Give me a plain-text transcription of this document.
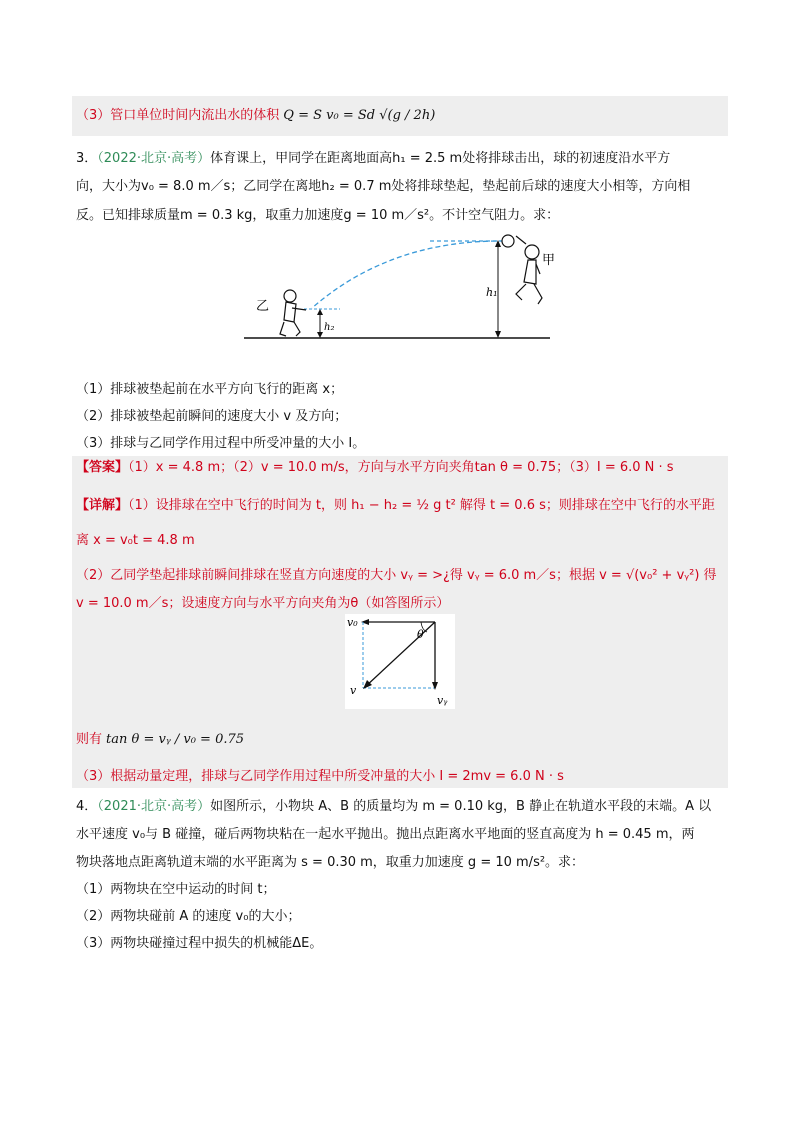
（3）管口单位时间内流出水的体积 Q = S v₀ = Sd √(g / 2h)
3．（2022·北京·高考）体育课上，甲同学在距离地面高h₁ = 2.5 m处将排球击出，球的初速度沿水平方
向，大小为v₀ = 8.0 m／s；乙同学在离地h₂ = 0.7 m处将排球垫起，垫起前后球的速度大小相等，方向相
反。已知排球质量m = 0.3 kg，取重力加速度g = 10 m／s²。不计空气阻力。求：
h₁
h₂
甲
乙
（1）排球被垫起前在水平方向飞行的距离 x；
（2）排球被垫起前瞬间的速度大小 v 及方向；
（3）排球与乙同学作用过程中所受冲量的大小 I。
【答案】（1）x = 4.8 m；（2）v = 10.0 m/s，方向与水平方向夹角tan θ = 0.75；（3）I = 6.0 N · s
【详解】（1）设排球在空中飞行的时间为 t，则 h₁ − h₂ = ½ g t² 解得 t = 0.6 s；则排球在空中飞行的水平距
离 x = v₀t = 4.8 m
（2）乙同学垫起排球前瞬间排球在竖直方向速度的大小 vᵧ = >¿得 vᵧ = 6.0 m／s；根据 v = √(v₀² + vᵧ²) 得
v = 10.0 m／s；设速度方向与水平方向夹角为θ（如答图所示）
v₀
θ
v
vᵧ
则有 tan θ = vᵧ / v₀ = 0.75
（3）根据动量定理，排球与乙同学作用过程中所受冲量的大小 I = 2mv = 6.0 N · s
4．（2021·北京·高考）如图所示，小物块 A、B 的质量均为 m = 0.10 kg，B 静止在轨道水平段的末端。A 以
水平速度 v₀与 B 碰撞，碰后两物块粘在一起水平抛出。抛出点距离水平地面的竖直高度为 h = 0.45 m，两
物块落地点距离轨道末端的水平距离为 s = 0.30 m，取重力加速度 g = 10 m/s²。求：
（1）两物块在空中运动的时间 t；
（2）两物块碰前 A 的速度 v₀的大小；
（3）两物块碰撞过程中损失的机械能ΔE。
